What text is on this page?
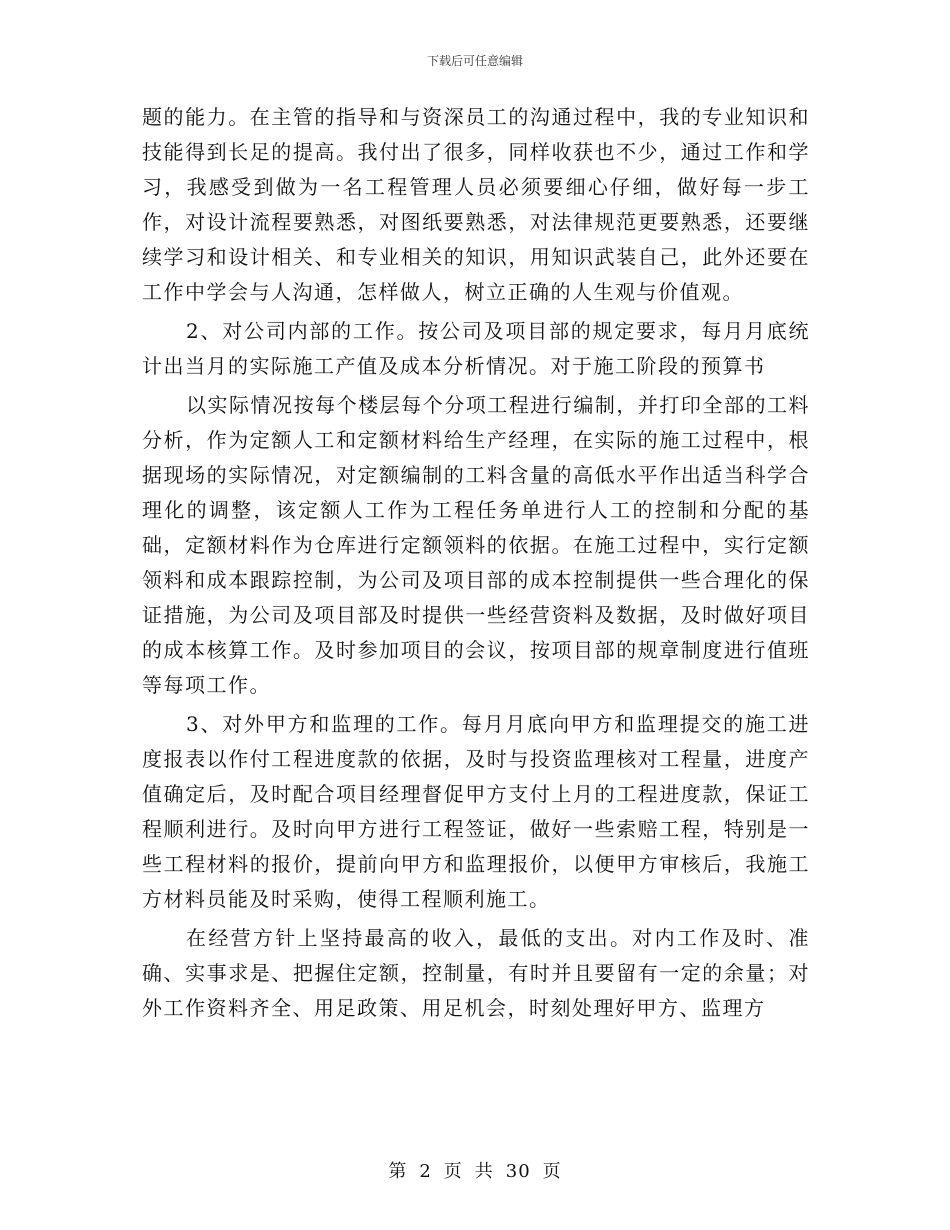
下载后可任意编辑

题的能力。在主管的指导和与资深员工的沟通过程中，我的专业知识和技能得到长足的提高。我付出了很多，同样收获也不少，通过工作和学习，我感受到做为一名工程管理人员必须要细心仔细，做好每一步工作，对设计流程要熟悉，对图纸要熟悉，对法律规范更要熟悉，还要继续学习和设计相关、和专业相关的知识，用知识武装自己，此外还要在工作中学会与人沟通，怎样做人，树立正确的人生观与价值观。

2、对公司内部的工作。按公司及项目部的规定要求，每月月底统计出当月的实际施工产值及成本分析情况。对于施工阶段的预算书

以实际情况按每个楼层每个分项工程进行编制，并打印全部的工料分析，作为定额人工和定额材料给生产经理，在实际的施工过程中，根据现场的实际情况，对定额编制的工料含量的高低水平作出适当科学合理化的调整，该定额人工作为工程任务单进行人工的控制和分配的基础，定额材料作为仓库进行定额领料的依据。在施工过程中，实行定额领料和成本跟踪控制，为公司及项目部的成本控制提供一些合理化的保证措施，为公司及项目部及时提供一些经营资料及数据，及时做好项目的成本核算工作。及时参加项目的会议，按项目部的规章制度进行值班等每项工作。

3、对外甲方和监理的工作。每月月底向甲方和监理提交的施工进度报表以作付工程进度款的依据，及时与投资监理核对工程量，进度产值确定后，及时配合项目经理督促甲方支付上月的工程进度款，保证工程顺利进行。及时向甲方进行工程签证，做好一些索赔工程，特别是一些工程材料的报价，提前向甲方和监理报价，以便甲方审核后，我施工方材料员能及时采购，使得工程顺利施工。

在经营方针上坚持最高的收入，最低的支出。对内工作及时、准确、实事求是、把握住定额，控制量，有时并且要留有一定的余量；对外工作资料齐全、用足政策、用足机会，时刻处理好甲方、监理方

第 2 页 共 30 页
